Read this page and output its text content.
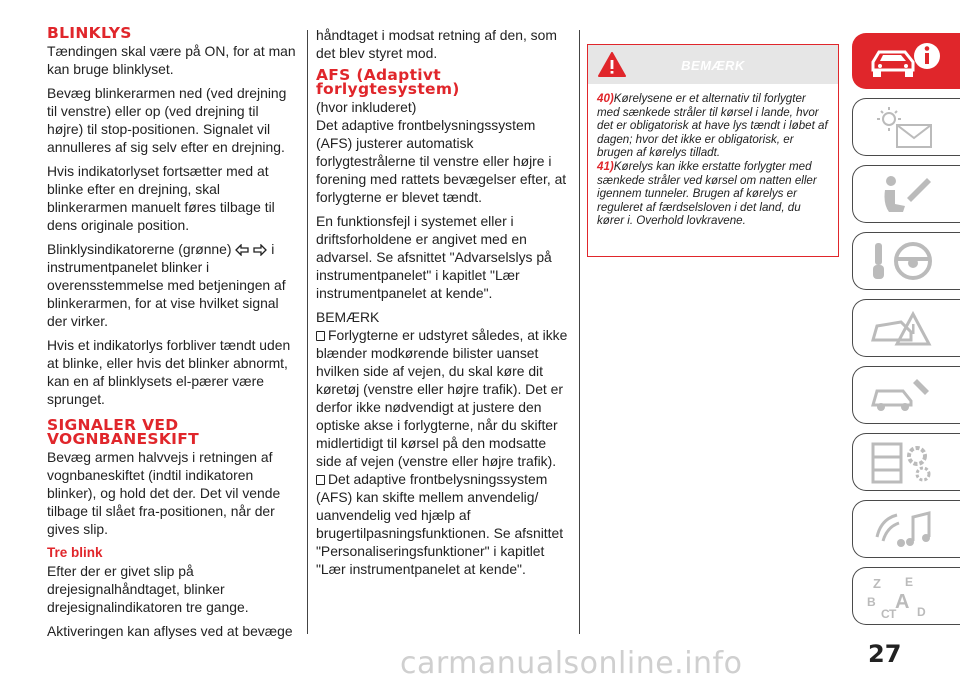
BLINKLYS

Tændingen skal være på ON, for at man kan bruge blinklyset.

Bevæg blinkerarmen ned (ved drejning til venstre) eller op (ved drejning til højre) til stop-positionen. Signalet vil annulleres af sig selv efter en drejning.

Hvis indikatorlyset fortsætter med at blinke efter en drejning, skal blinkerarmen manuelt føres tilbage til dens originale position.

Blinklysindikatorerne (grønne)	i instrumentpanelet blinker i overensstemmelse med betjeningen af blinkerarmen, for at vise hvilket signal der virker.

Hvis et indikatorlys forbliver tændt uden at blinke, eller hvis det blinker abnormt, kan en af blinklysets el-pærer være sprunget.

SIGNALER VED VOGNBANESKIFT

Bevæg armen halvvejs i retningen af vognbaneskiftet (indtil indikatoren blinker), og hold det der. Det vil vende tilbage til slået fra-positionen, når der gives slip.

Tre blink

Efter der er givet slip på drejesignalhåndtaget, blinker drejesignalindikatoren tre gange.

Aktiveringen kan aflyses ved at bevæge

håndtaget i modsat retning af den, som det blev styret mod.

AFS (Adaptivt forlygtesystem)

(hvor inkluderet)

Det adaptive frontbelysningssystem (AFS) justerer automatisk forlygtestrålerne til venstre eller højre i forening med rattets bevægelser efter, at forlygterne er blevet tændt.

En funktionsfejl i systemet eller i driftsforholdene er angivet med en advarsel. Se afsnittet "Advarselslys på instrumentpanelet" i kapitlet "Lær instrumentpanelet at kende".

BEMÆRK

Forlygterne er udstyret således, at ikke blænder modkørende bilister uanset hvilken side af vejen, du skal køre dit køretøj (venstre eller højre trafik). Det er derfor ikke nødvendigt at justere den optiske akse i forlygterne, når du skifter midlertidigt til kørsel på den modsatte side af vejen (venstre eller højre trafik).

Det adaptive frontbelysningssystem (AFS) kan skifte mellem anvendelig/ uanvendelig ved hjælp af brugertilpasningsfunktionen. Se afsnittet "Personaliseringsfunktioner" i kapitlet "Lær instrumentpanelet at kende".

BEMÆRK

40)Kørelysene er et alternativ til forlygter med sænkede stråler til kørsel i lande, hvor det er obligatorisk at have lys tændt i løbet af dagen; hvor det ikke er obligatorisk, er brugen af kørelys tilladt.

41)Kørelys kan ikke erstatte forlygter med sænkede stråler ved kørsel om natten eller igennem tunneler. Brugen af kørelys er reguleret af færdselsloven i det land, du kører i. Overhold lovkravene.

Z E
B A
C T D
27
carmanualsonline.info
